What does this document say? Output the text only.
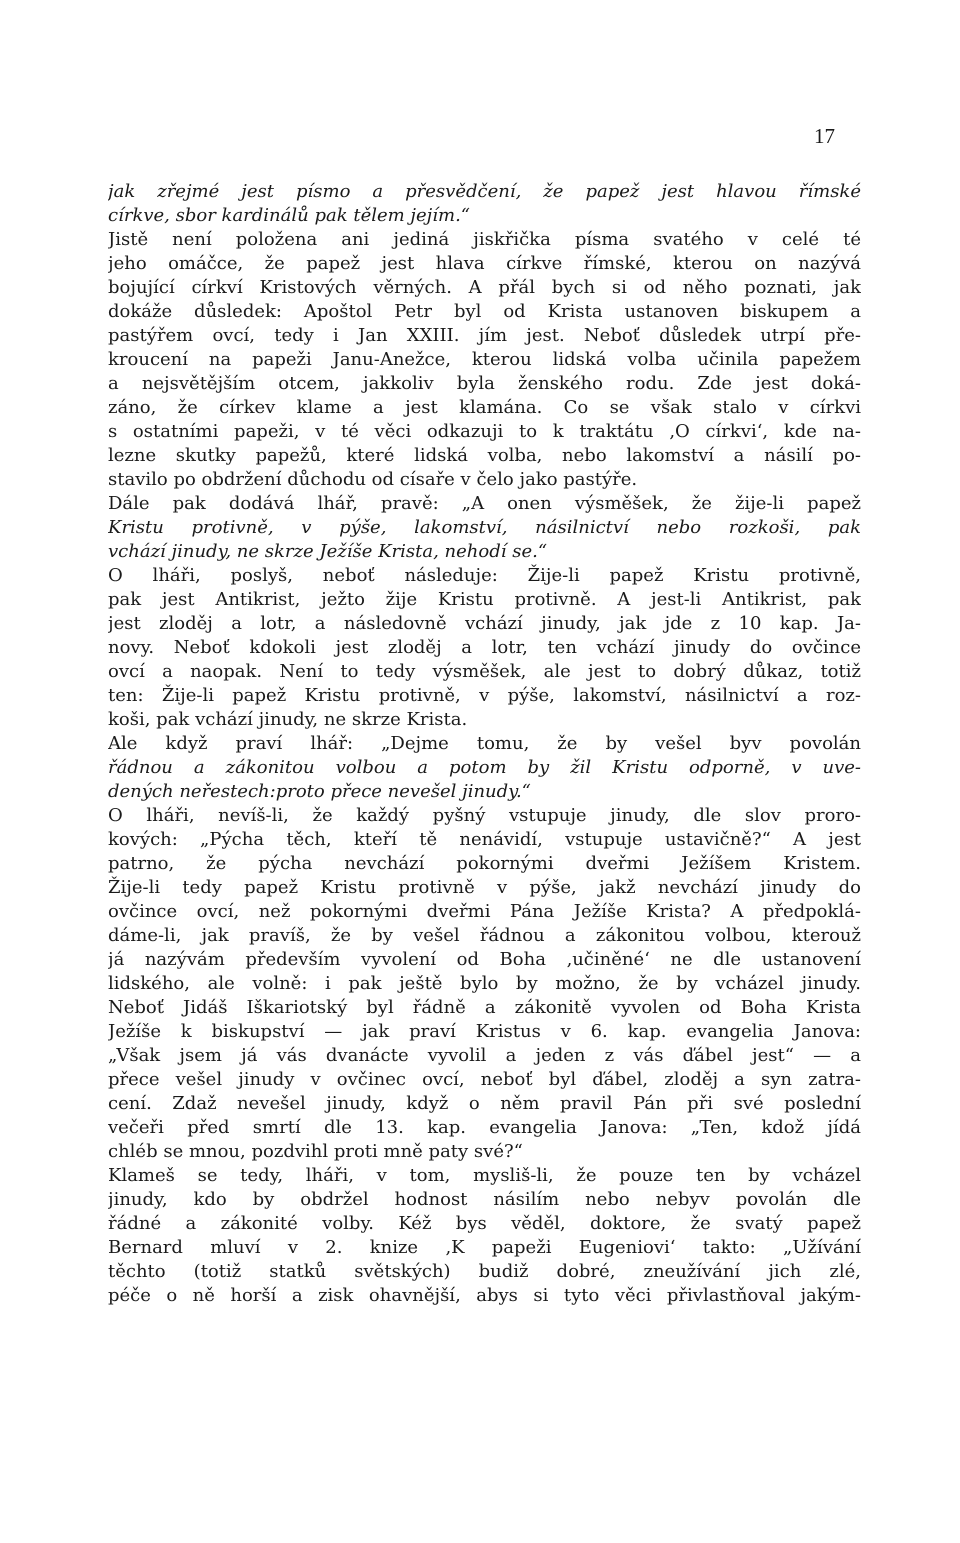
17
jak zřejmé jest písmo a přesvědčení, že papež jest hlavou římské
církve, sbor kardinálů pak tělem jejím.“
Jistě není položena ani jediná jiskřička písma svatého v celé té
jeho omáčce, že papež jest hlava církve římské, kterou on nazývá
bojující církví Kristových věrných. A přál bych si od něho poznati, jak
dokáže důsledek: Apoštol Petr byl od Krista ustanoven biskupem a
pastýřem ovcí, tedy i Jan XXIII. jím jest. Neboť důsledek utrpí pře-
kroucení na papeži Janu-Anežce, kterou lidská volba učinila papežem
a nejsvětějším otcem, jakkoliv byla ženského rodu. Zde jest doká-
záno, že církev klame a jest klamána. Co se však stalo v církvi
s ostatními papeži, v té věci odkazuji to k traktátu ‚O církvi‘, kde na-
lezne skutky papežů, které lidská volba, nebo lakomství a násilí po-
stavilo po obdržení důchodu od císaře v čelo jako pastýře.
Dále pak dodává lhář, pravě: „A onen výsměšek, že žije-li papež
Kristu protivně, v pýše, lakomství, násilnictví nebo rozkoši, pak
vchází jinudy, ne skrze Ježíše Krista, nehodí se.“
O lháři, poslyš, neboť následuje: Žije-li papež Kristu protivně,
pak jest Antikrist, ježto žije Kristu protivně. A jest-li Antikrist, pak
jest zloděj a lotr, a následovně vchází jinudy, jak jde z 10 kap. Ja-
novy. Neboť kdokoli jest zloděj a lotr, ten vchází jinudy do ovčince
ovcí a naopak. Není to tedy výsměšek, ale jest to dobrý důkaz, totiž
ten: Žije-li papež Kristu protivně, v pýše, lakomství, násilnictví a roz-
koši, pak vchází jinudy, ne skrze Krista.
Ale když praví lhář: „Dejme tomu, že by vešel byv povolán
řádnou a zákonitou volbou a potom by žil Kristu odporně, v uve-
dených neřestech:proto přece nevešel jinudy.“
O lháři, nevíš-li, že každý pyšný vstupuje jinudy, dle slov proro-
kových: „Pýcha těch, kteří tě nenávidí, vstupuje ustavičně?“ A jest
patrno, že pýcha nevchází pokornými dveřmi Ježíšem Kristem.
Žije-li tedy papež Kristu protivně v pýše, jakž nevchází jinudy do
ovčince ovcí, než pokornými dveřmi Pána Ježíše Krista? A předpoklá-
dáme-li, jak pravíš, že by vešel řádnou a zákonitou volbou, kterouž
já nazývám především vyvolení od Boha ‚učiněné‘ ne dle ustanovení
lidského, ale volně: i pak ještě bylo by možno, že by vcházel jinudy.
Neboť Jidáš Iškariotský byl řádně a zákonitě vyvolen od Boha Krista
Ježíše k biskupství — jak praví Kristus v 6. kap. evangelia Janova:
„Však jsem já vás dvanácte vyvolil a jeden z vás ďábel jest“ — a
přece vešel jinudy v ovčinec ovcí, neboť byl ďábel, zloděj a syn zatra-
cení. Zdaž nevešel jinudy, když o něm pravil Pán při své poslední
večeři před smrtí dle 13. kap. evangelia Janova: „Ten, kdož jídá
chléb se mnou, pozdvihl proti mně paty své?“
Klameš se tedy, lháři, v tom, mysliš-li, že pouze ten by vcházel
jinudy, kdo by obdržel hodnost násilím nebo nebyv povolán dle
řádné a zákonité volby. Kéž bys věděl, doktore, že svatý papež
Bernard mluví v 2. knize ‚K papeži Eugeniovi‘ takto: „Užívání
těchto (totiž statků světských) budiž dobré, zneužívání jich zlé,
péče o ně horší a zisk ohavnější, abys si tyto věci přivlastňoval jakým-
